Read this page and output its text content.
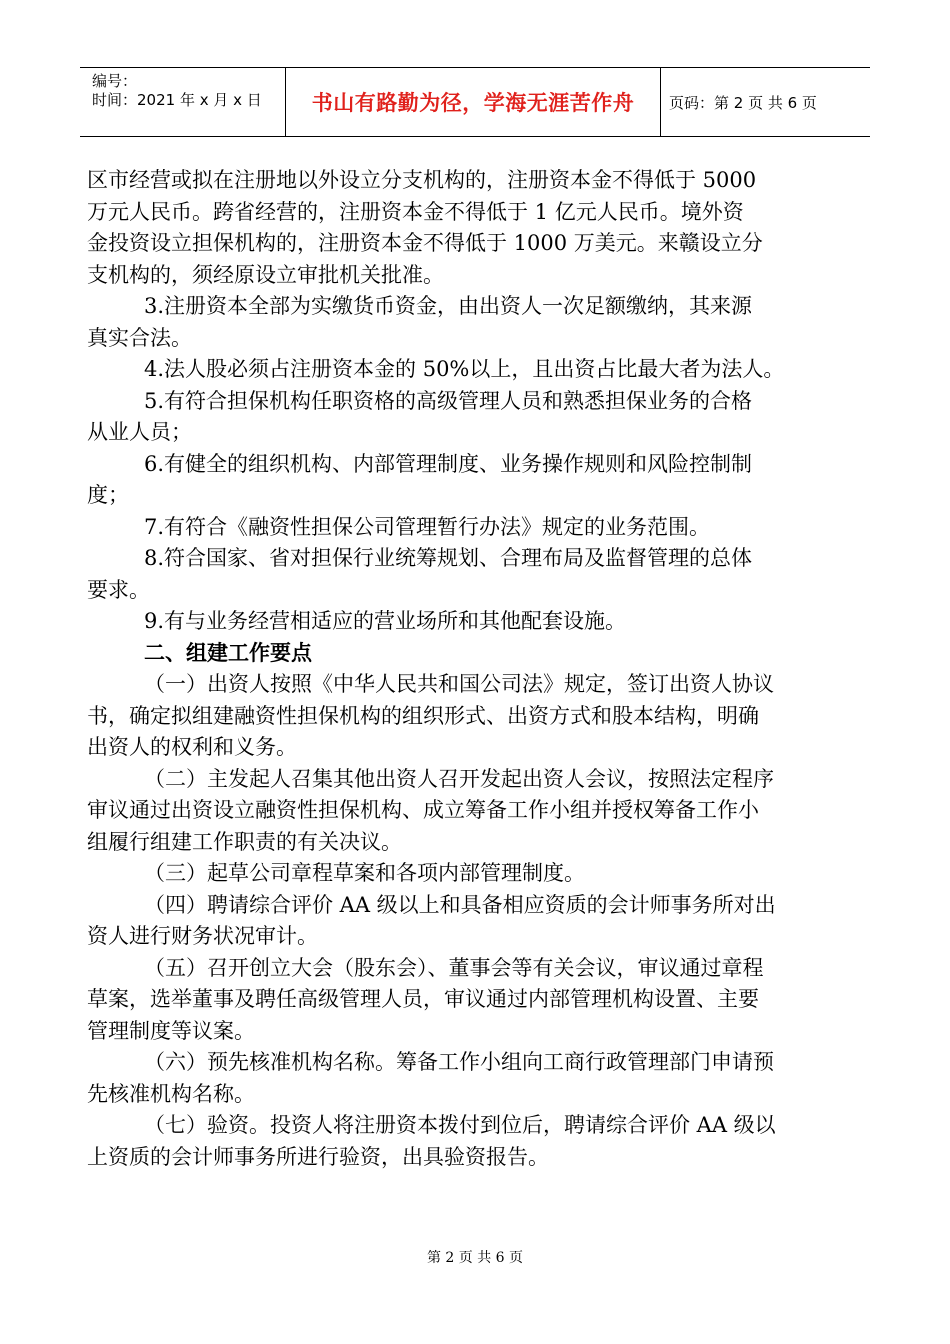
编号：
时间：2021 年 x 月 x 日	书山有路勤为径，学海无涯苦作舟	页码：第 2 页 共 6 页

区市经营或拟在注册地以外设立分支机构的，注册资本金不得低于 5000

万元人民币。跨省经营的，注册资本金不得低于 1 亿元人民币。境外资

金投资设立担保机构的，注册资本金不得低于 1000 万美元。来赣设立分

支机构的，须经原设立审批机关批准。

3.注册资本全部为实缴货币资金，由出资人一次足额缴纳，其来源

真实合法。

4.法人股必须占注册资本金的 50%以上，且出资占比最大者为法人。

5.有符合担保机构任职资格的高级管理人员和熟悉担保业务的合格

从业人员；

6.有健全的组织机构、内部管理制度、业务操作规则和风险控制制

度；

7.有符合《融资性担保公司管理暂行办法》规定的业务范围。

8.符合国家、省对担保行业统筹规划、合理布局及监督管理的总体

要求。

9.有与业务经营相适应的营业场所和其他配套设施。

二、组建工作要点

（一）出资人按照《中华人民共和国公司法》规定，签订出资人协议

书，确定拟组建融资性担保机构的组织形式、出资方式和股本结构，明确

出资人的权利和义务。

（二）主发起人召集其他出资人召开发起出资人会议，按照法定程序

审议通过出资设立融资性担保机构、成立筹备工作小组并授权筹备工作小

组履行组建工作职责的有关决议。

（三）起草公司章程草案和各项内部管理制度。

（四）聘请综合评价 AA 级以上和具备相应资质的会计师事务所对出

资人进行财务状况审计。

（五）召开创立大会（股东会）、董事会等有关会议，审议通过章程

草案，选举董事及聘任高级管理人员，审议通过内部管理机构设置、主要

管理制度等议案。

（六）预先核准机构名称。筹备工作小组向工商行政管理部门申请预

先核准机构名称。

（七）验资。投资人将注册资本拨付到位后，聘请综合评价 AA 级以

上资质的会计师事务所进行验资，出具验资报告。

第 2 页 共 6 页
